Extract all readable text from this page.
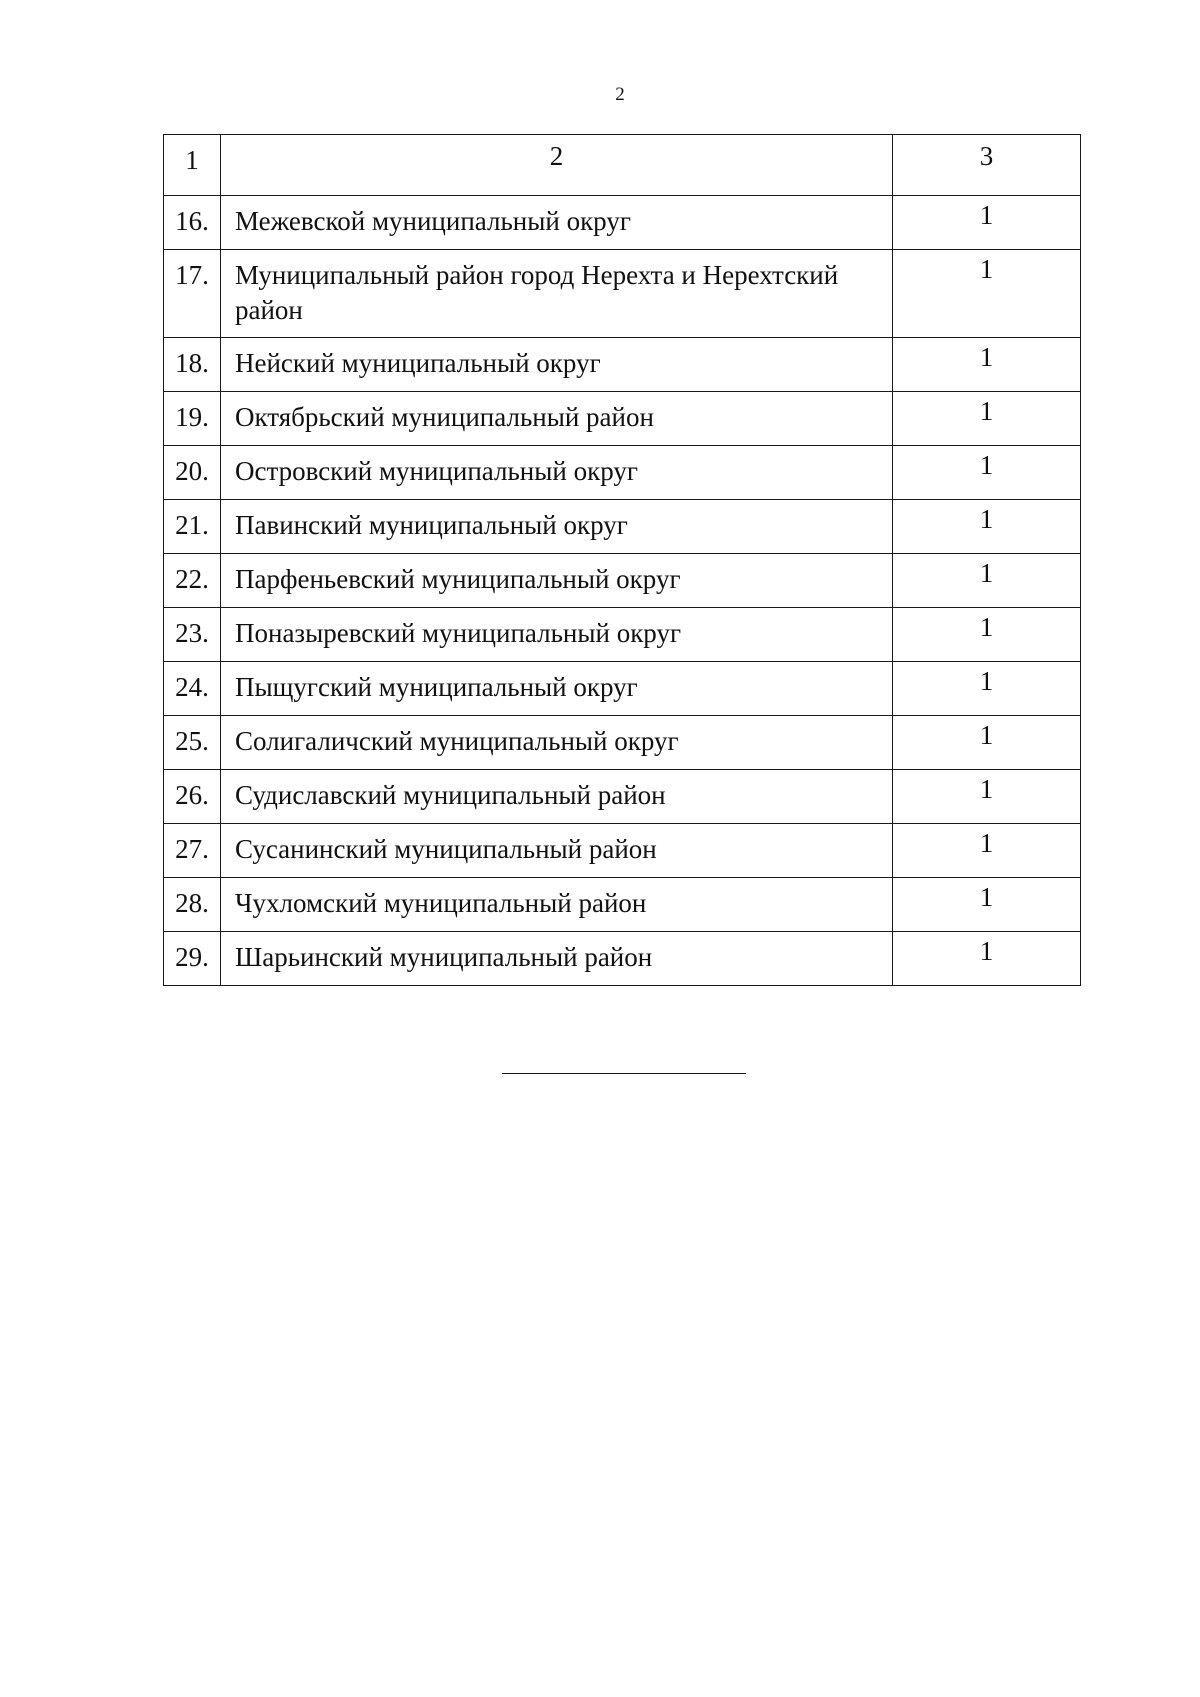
2
1	2	3
16.	Межевской муниципальный округ	1
17.	Муниципальный район город Нерехта и Нерехтский район	1
18.	Нейский муниципальный округ	1
19.	Октябрьский муниципальный район	1
20.	Островский муниципальный округ	1
21.	Павинский муниципальный округ	1
22.	Парфеньевский муниципальный округ	1
23.	Поназыревский муниципальный округ	1
24.	Пыщугский муниципальный округ	1
25.	Солигаличский муниципальный округ	1
26.	Судиславский муниципальный район	1
27.	Сусанинский муниципальный район	1
28.	Чухломский муниципальный район	1
29.	Шарьинский муниципальный район	1
